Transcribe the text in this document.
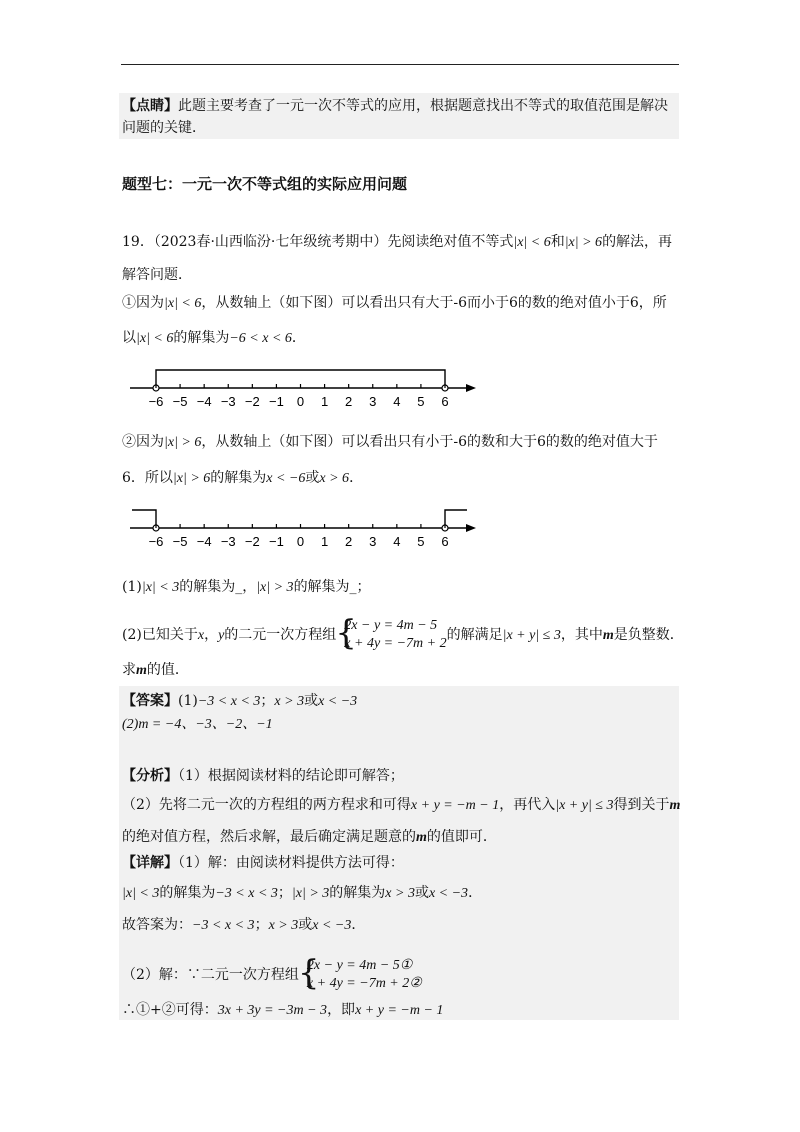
【点睛】此题主要考查了一元一次不等式的应用，根据题意找出不等式的取值范围是解决
问题的关键．
题型七：一元一次不等式组的实际应用问题
19．（2023春·山西临汾·七年级统考期中）先阅读绝对值不等式|x| < 6和|x| > 6的解法，再
解答问题．
①因为|x| < 6，从数轴上（如下图）可以看出只有大于-6而小于6的数的绝对值小于6，所
以|x| < 6的解集为−6 < x < 6．
−6 −5 −4 −3 −2 −1 0 1 2 3 4 5 6
②因为|x| > 6，从数轴上（如下图）可以看出只有小于-6的数和大于6的数的绝对值大于
6．所以|x| > 6的解集为x < −6或x > 6．
−6 −5 −4 −3 −2 −1 0 1 2 3 4 5 6
(1)|x| < 3的解集为_，|x| > 3的解集为_；
(2)已知关于x，y的二元一次方程组 {
2x − y = 4m − 5
x + 4y = −7m + 2
的解满足|x + y| ≤ 3，其中m是负整数．
求m的值．
【答案】(1)−3 < x < 3；x > 3或x < −3
(2)m = −4、−3、−2、−1
【分析】（1）根据阅读材料的结论即可解答；
（2）先将二元一次的方程组的两方程求和可得x + y = −m − 1，再代入|x + y| ≤ 3得到关于m
的绝对值方程，然后求解，最后确定满足题意的m的值即可．
【详解】（1）解：由阅读材料提供方法可得：
|x| < 3的解集为−3 < x < 3；|x| > 3的解集为x > 3或x < −3．
故答案为：−3 < x < 3；x > 3或x < −3．
（2）解：∵二元一次方程组 {
2x − y = 4m − 5①
x + 4y = −7m + 2②
∴①+②可得：3x + 3y = −3m − 3，即x + y = −m − 1
